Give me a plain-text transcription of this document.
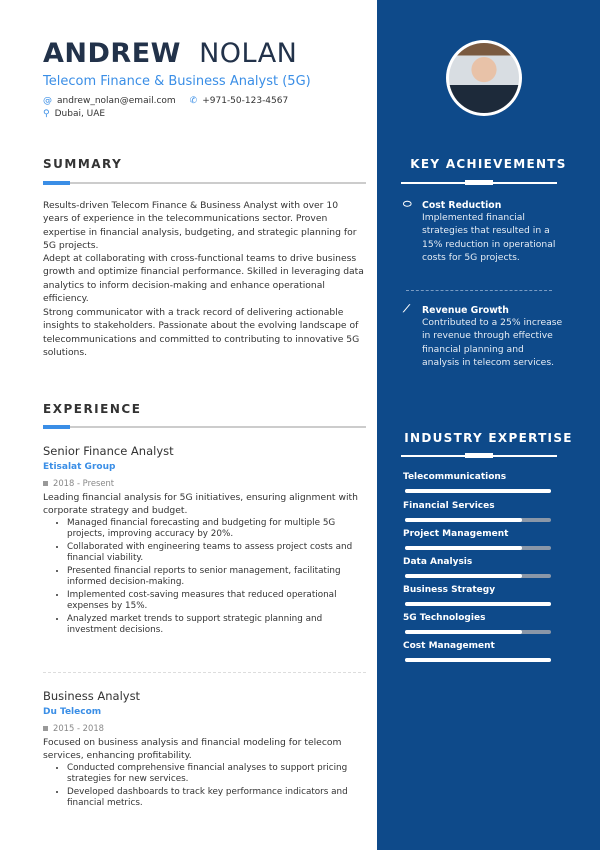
ANDREW NOLAN
Telecom Finance & Business Analyst (5G)
@ andrew_nolan@email.com ✆ +971-50-123-4567
⚲ Dubai, UAE
SUMMARY
Results-driven Telecom Finance & Business Analyst with over 10 years of experience in the telecommunications sector. Proven expertise in financial analysis, budgeting, and strategic planning for 5G projects.
Adept at collaborating with cross-functional teams to drive business growth and optimize financial performance. Skilled in leveraging data analytics to inform decision-making and enhance operational efficiency.
Strong communicator with a track record of delivering actionable insights to stakeholders. Passionate about the evolving landscape of telecommunications and committed to contributing to innovative 5G solutions.
EXPERIENCE
Senior Finance Analyst
Etisalat Group
2018 - Present
Leading financial analysis for 5G initiatives, ensuring alignment with corporate strategy and budget.
• Managed financial forecasting and budgeting for multiple 5G projects, improving accuracy by 20%.
• Collaborated with engineering teams to assess project costs and financial viability.
• Presented financial reports to senior management, facilitating informed decision-making.
• Implemented cost-saving measures that reduced operational expenses by 15%.
• Analyzed market trends to support strategic planning and investment decisions.
Business Analyst
Du Telecom
2015 - 2018
Focused on business analysis and financial modeling for telecom services, enhancing profitability.
• Conducted comprehensive financial analyses to support pricing strategies for new services.
• Developed dashboards to track key performance indicators and financial metrics.
KEY ACHIEVEMENTS
⬭ Cost Reduction
Implemented financial strategies that resulted in a 15% reduction in operational costs for 5G projects.
⟋ Revenue Growth
Contributed to a 25% increase in revenue through effective financial planning and analysis in telecom services.
INDUSTRY EXPERTISE
Telecommunications
Financial Services
Project Management
Data Analysis
Business Strategy
5G Technologies
Cost Management
